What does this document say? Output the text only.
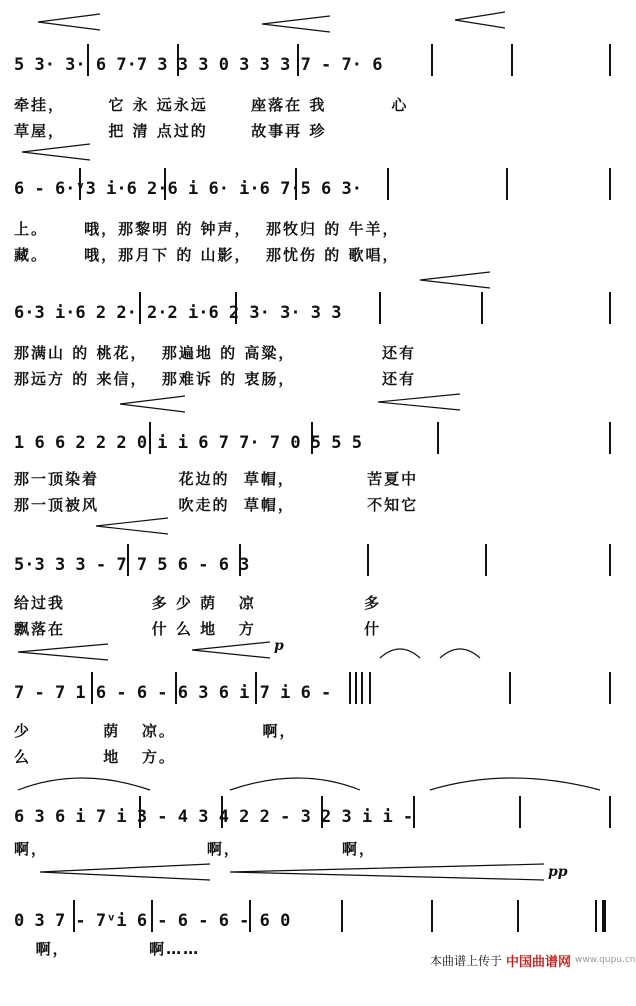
5 3· 3· 6 7·7 3 3 3 0 3 3 3 7 - 7· 6
牵挂，      它 永 远永远      座落在 我         心
草屋，      把 清 点过的      故事再 珍
6 - 6·ᵛ3 i·6 2·6 i 6· i·6 7·5 6 3·
上。     哦，那黎明 的 钟声，  那牧归 的 牛羊，
藏。     哦，那月下 的 山影，  那忧伤 的 歌唱，
6·3 i·6 2 2· 2·2 i·6 2 3· 3· 3 3
那满山 的 桃花，  那遍地 的 高粱，            还有
那远方 的 来信，  那难诉 的 衷肠，            还有
1 6 6 2 2 2 0 i i 6 7 7· 7 0 5 5 5
那一顶染着           花边的  草帽，          苦夏中
那一顶被风           吹走的  草帽，          不知它
5·3 3 3 - 7 7 5 6 - 6 3
给过我            多 少 荫   凉               多
飘落在            什 么 地   方               什
p
7 - 7 1 6 - 6 - 6 3 6 i 7 i 6 -
少          荫   凉。            啊，
么          地   方。
6 3 6 i 7 i 3 - 4 3 4 2 2 - 3 2 3 i i -
啊，                      啊，              啊，
pp
0 3 7 - 7ᵛi 6 - 6 - 6 - 6 0
啊，           啊……
本曲谱上传于 中国曲谱网 www.qupu.cn
